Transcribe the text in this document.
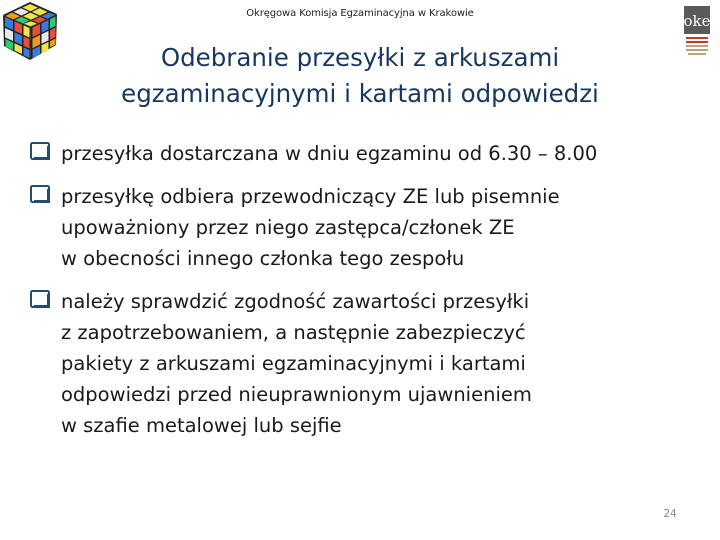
Okręgowa Komisja Egzaminacyjna w Krakowie	oke
Odebranie przesyłki z arkuszami
egzaminacyjnymi i kartami odpowiedzi
przesyłka dostarczana w dniu egzaminu od 6.30 – 8.00
przesyłkę odbiera przewodniczący ZE lub pisemnie
upoważniony przez niego zastępca/członek ZE
w obecności innego członka tego zespołu
należy sprawdzić zgodność zawartości przesyłki
z zapotrzebowaniem, a następnie zabezpieczyć
pakiety z arkuszami egzaminacyjnymi i kartami
odpowiedzi przed nieuprawnionym ujawnieniem
w szafie metalowej lub sejfie
24
